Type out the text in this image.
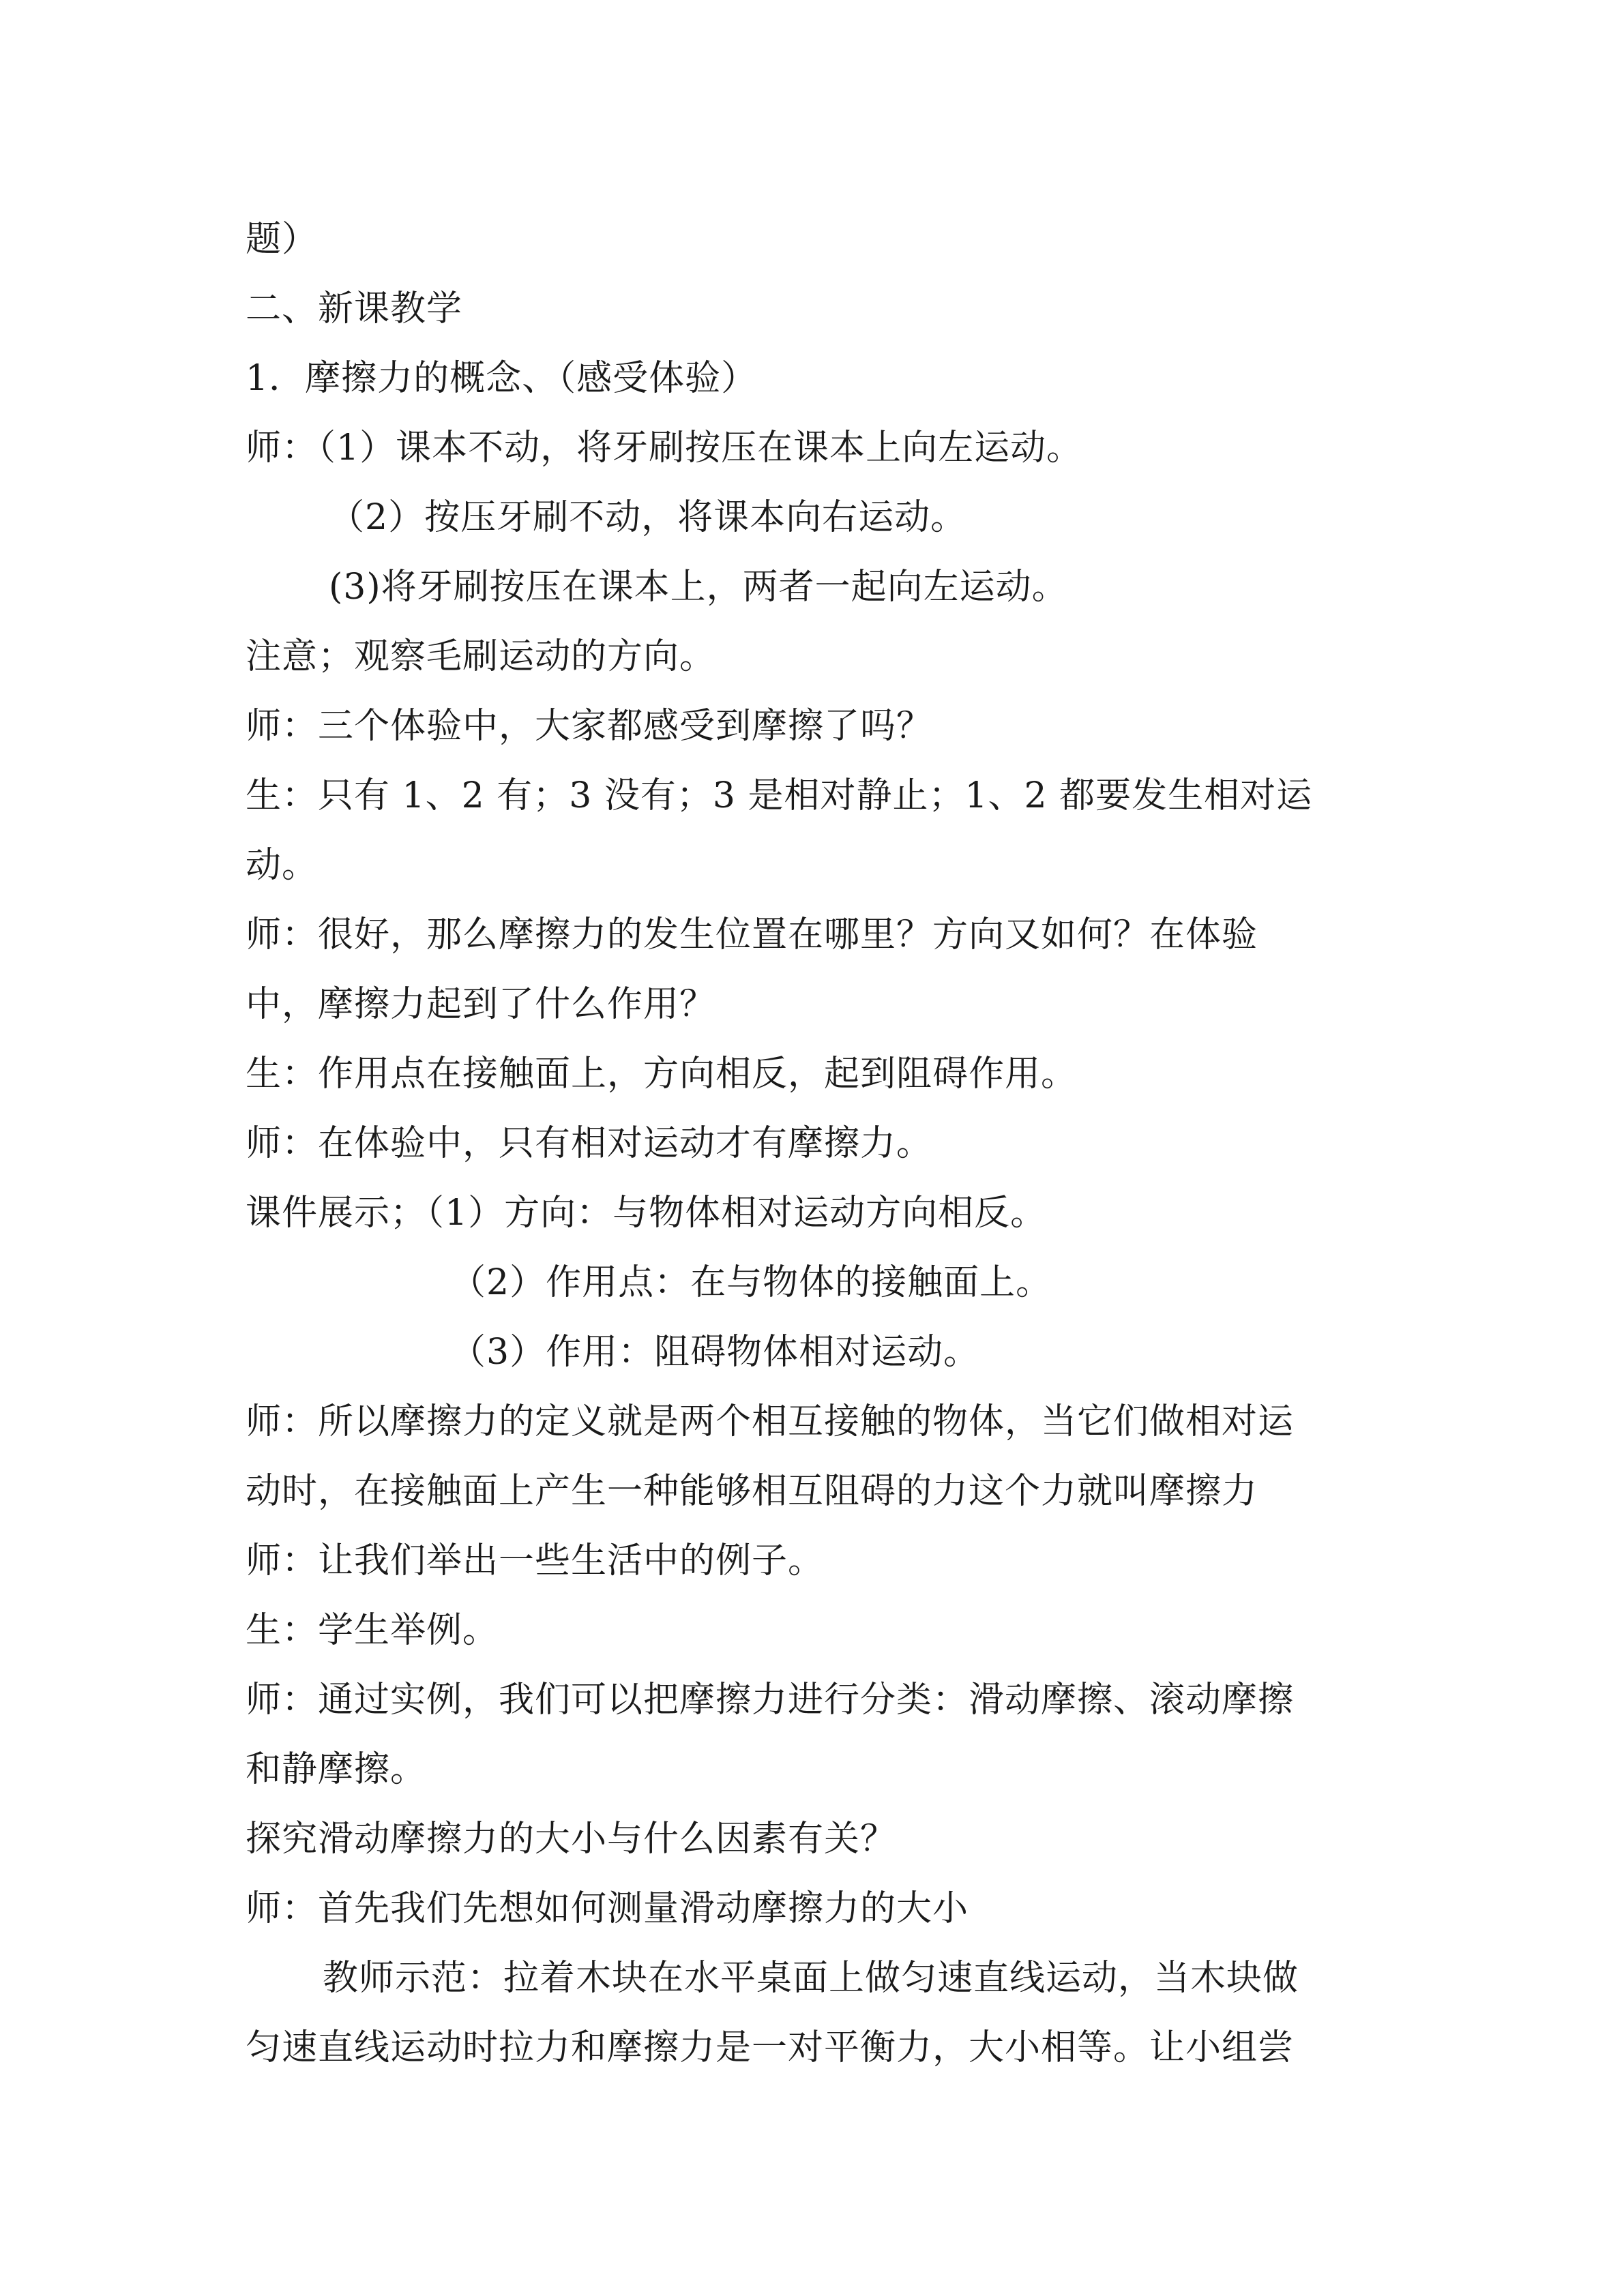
题）
二、新课教学
1．摩擦力的概念、（感受体验）
师：（1）课本不动，将牙刷按压在课本上向左运动。
（2）按压牙刷不动，将课本向右运动。
(3)将牙刷按压在课本上，两者一起向左运动。
注意；观察毛刷运动的方向。
师：三个体验中，大家都感受到摩擦了吗？
生：只有 1、2 有；3 没有；3 是相对静止；1、2 都要发生相对运
动。
师：很好，那么摩擦力的发生位置在哪里？方向又如何？在体验
中，摩擦力起到了什么作用？
生：作用点在接触面上，方向相反，起到阻碍作用。
师：在体验中，只有相对运动才有摩擦力。
课件展示；（1）方向：与物体相对运动方向相反。
（2）作用点：在与物体的接触面上。
（3）作用：阻碍物体相对运动。
师：所以摩擦力的定义就是两个相互接触的物体，当它们做相对运
动时，在接触面上产生一种能够相互阻碍的力这个力就叫摩擦力
师：让我们举出一些生活中的例子。
生：学生举例。
师：通过实例，我们可以把摩擦力进行分类：滑动摩擦、滚动摩擦
和静摩擦。
探究滑动摩擦力的大小与什么因素有关？
师：首先我们先想如何测量滑动摩擦力的大小
教师示范：拉着木块在水平桌面上做匀速直线运动，当木块做
匀速直线运动时拉力和摩擦力是一对平衡力，大小相等。让小组尝
